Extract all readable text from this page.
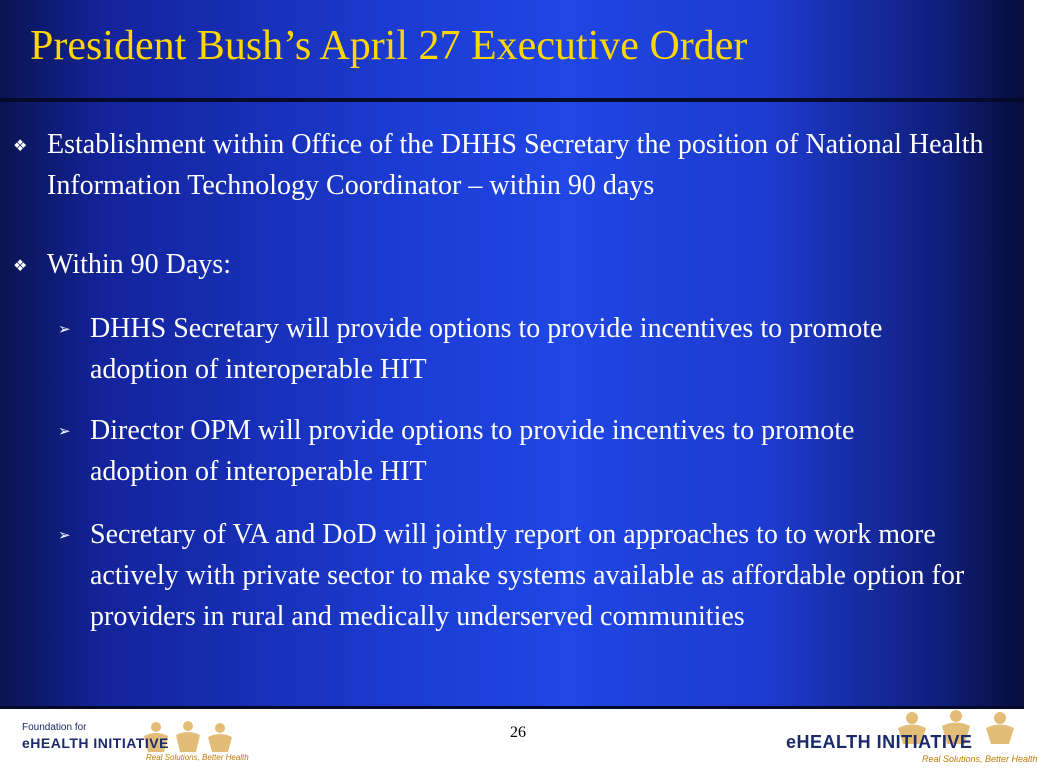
President Bush’s April 27 Executive Order
❖ Establishment within Office of the DHHS Secretary the position of National Health Information Technology Coordinator – within 90 days
❖ Within 90 Days:
➢ DHHS Secretary will provide options to provide incentives to promote adoption of interoperable HIT
➢ Director OPM will provide options to provide incentives to promote adoption of interoperable HIT
➢ Secretary of VA and DoD will jointly report on approaches to to work more actively with private sector to make systems available as affordable option for providers in rural and medically underserved communities
Foundation for
eHEALTH INITIATIVE
Real Solutions, Better Health
26	eHEALTH INITIATIVE
Real Solutions, Better Health
